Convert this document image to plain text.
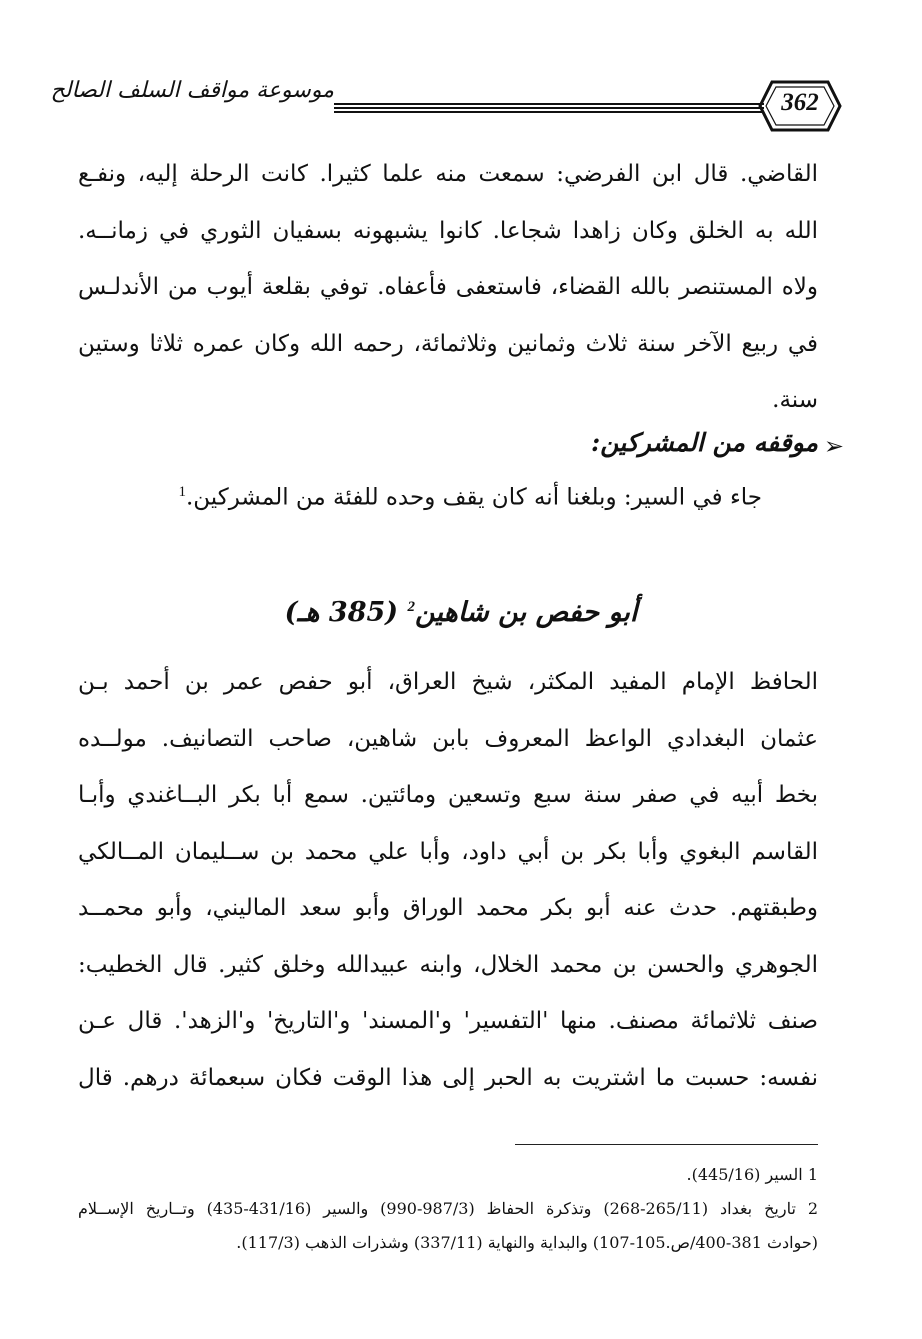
موسوعة مواقف السلف الصالح	362
القاضي. قال ابن الفرضي: سمعت منه علما كثيرا. كانت الرحلة إليه، ونفـع
الله به الخلق وكان زاهدا شجاعا. كانوا يشبهونه بسفيان الثوري في زمانــه.
ولاه المستنصر بالله القضاء، فاستعفى فأعفاه. توفي بقلعة أيوب من الأندلـس
في ربيع الآخر سنة ثلاث وثمانين وثلاثمائة، رحمه الله وكان عمره ثلاثا وستين
سنة.
➢
موقفه من المشركين:
جاء في السير: وبلغنا أنه كان يقف وحده للفئة من المشركين.$^1$
أبو حفص بن شاهين$^2$ (385 هـ)
الحافظ الإمام المفيد المكثر، شيخ العراق، أبو حفص عمر بن أحمد بـن
عثمان البغدادي الواعظ المعروف بابن شاهين، صاحب التصانيف. مولــده
بخط أبيه في صفر سنة سبع وتسعين ومائتين. سمع أبا بكر البــاغندي وأبـا
القاسم البغوي وأبا بكر بن أبي داود، وأبا علي محمد بن ســليمان المــالكي
وطبقتهم. حدث عنه أبو بكر محمد الوراق وأبو سعد الماليني، وأبو محمــد
الجوهري والحسن بن محمد الخلال، وابنه عبيدالله وخلق كثير. قال الخطيب:
صنف ثلاثمائة مصنف. منها 'التفسير' و'المسند' و'التاريخ' و'الزهد'. قال عـن
نفسه: حسبت ما اشتريت به الحبر إلى هذا الوقت فكان سبعمائة درهم. قال
1 السير (445/16).
2 تاريخ بغداد (265/11-268) وتذكرة الحفاظ (987/3-990) والسير (431/16-435) وتــاريخ الإســلام
(حوادث 381-400/ص.105-107) والبداية والنهاية (337/11) وشذرات الذهب (117/3).
